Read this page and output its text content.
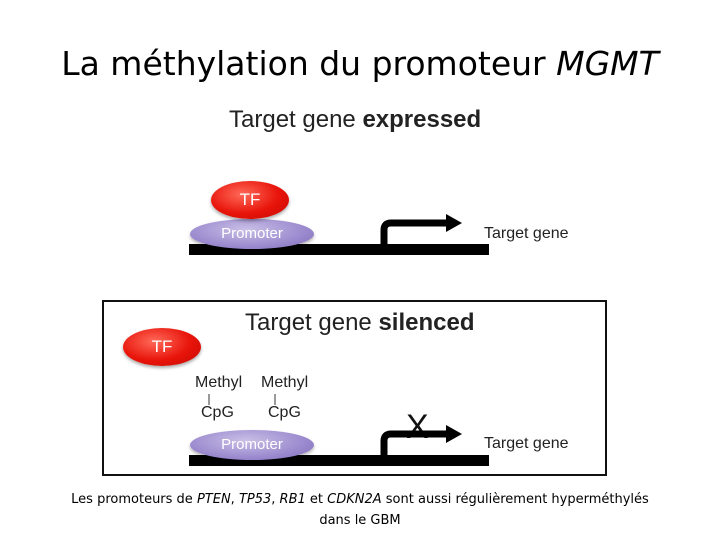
La méthylation du promoteur MGMT
Target gene expressed
Promoter
TF
Target gene
Target gene silenced
TF
Methyl Methyl
CpG CpG
Promoter	Target gene
X
Les promoteurs de PTEN, TP53, RB1 et CDKN2A sont aussi régulièrement hyperméthylés
dans le GBM
